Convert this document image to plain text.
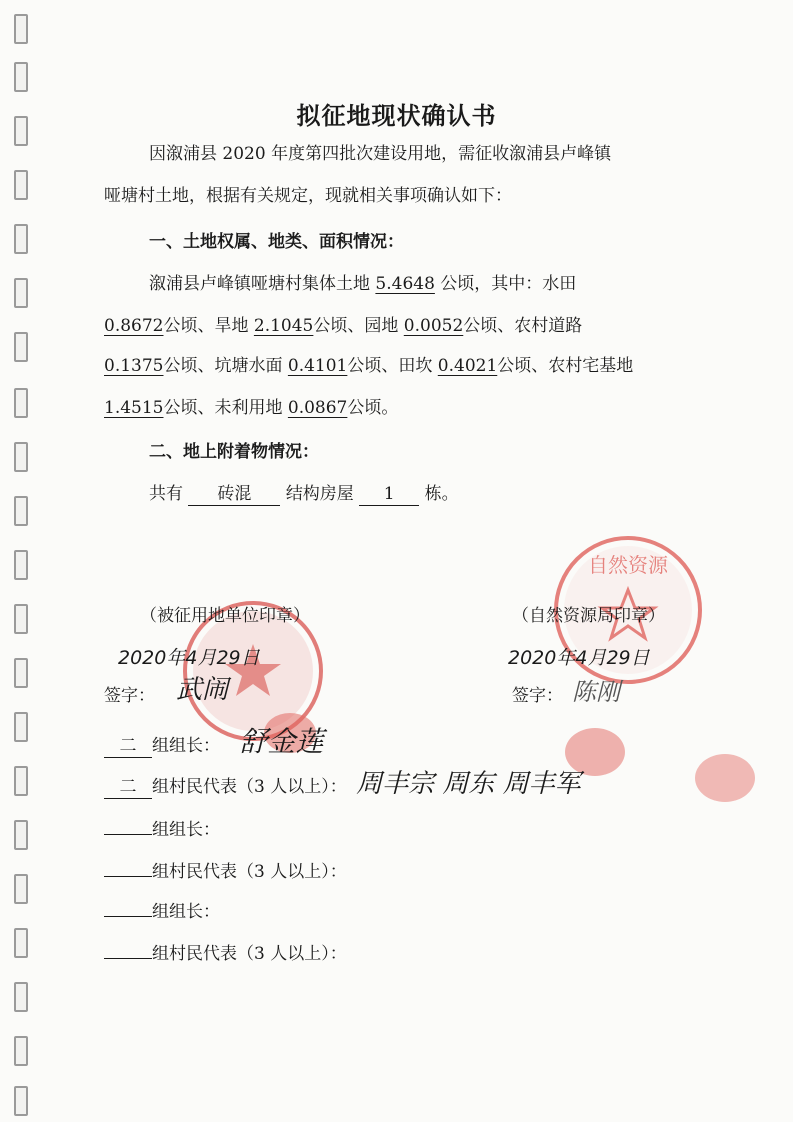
自然资源
拟征地现状确认书
因溆浦县 2020 年度第四批次建设用地，需征收溆浦县卢峰镇
哑塘村土地，根据有关规定，现就相关事项确认如下：
一、土地权属、地类、面积情况：
溆浦县卢峰镇哑塘村集体土地 5.4648 公顷，其中：水田
0.8672公顷、旱地 2.1045公顷、园地 0.0052公顷、农村道路
0.1375公顷、坑塘水面 0.4101公顷、田坎 0.4021公顷、农村宅基地
1.4515公顷、未利用地 0.0867公顷。
二、地上附着物情况：
共有 砖混 结构房屋 1 栋。
（被征用地单位印章）
2020年4月29日
签字： 武闹
（自然资源局印章）
2020年4月29日
签字： 陈刚
二 组组长： 舒金莲
二 组村民代表（3 人以上）： 周丰宗 周东 周丰军
组组长：
组村民代表（3 人以上）：
组组长：
组村民代表（3 人以上）：
